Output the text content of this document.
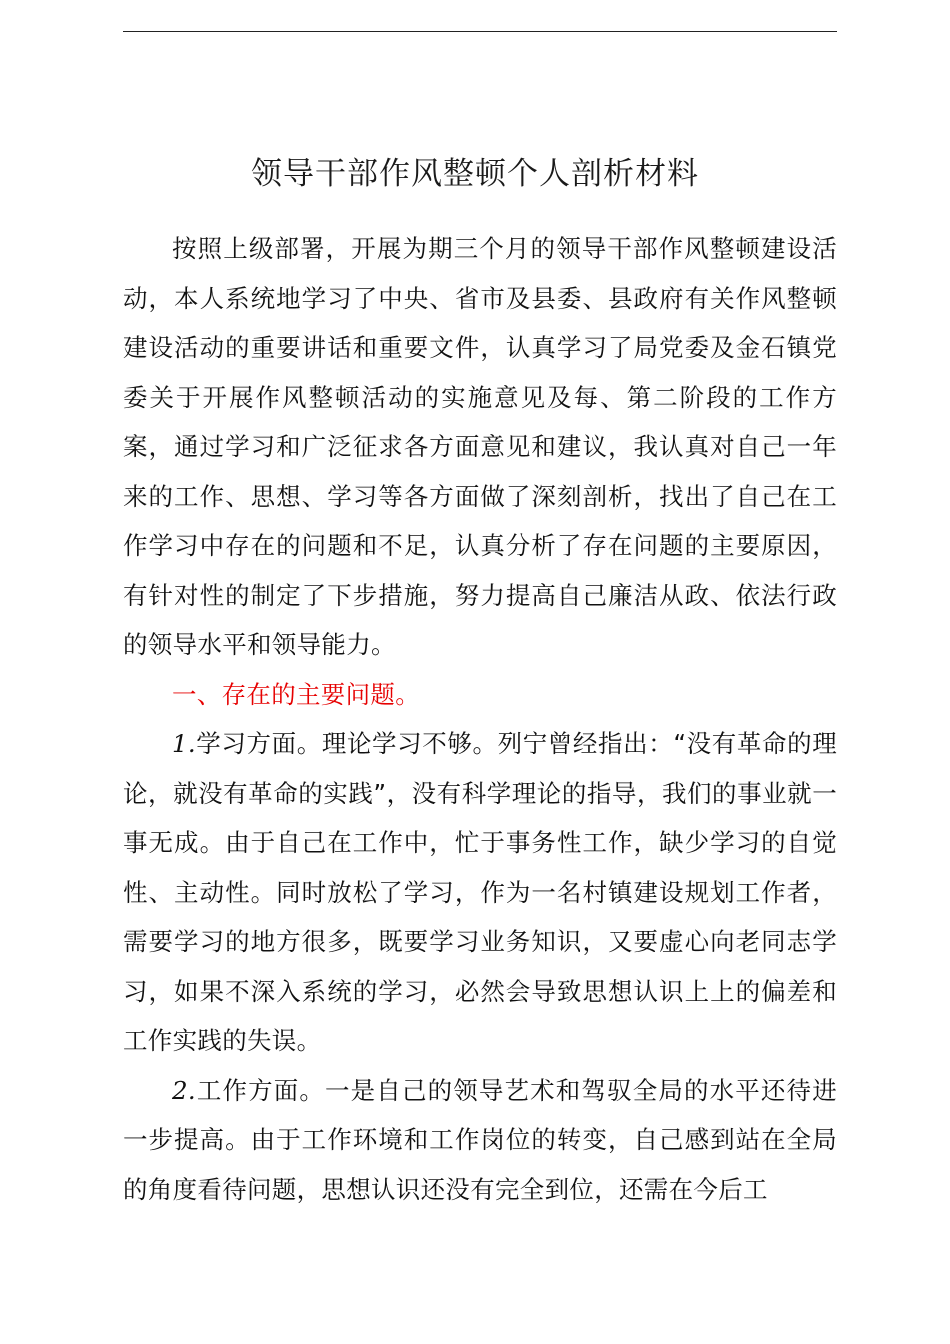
领导干部作风整顿个人剖析材料

按照上级部署，开展为期三个月的领导干部作风整顿建设活动，本人系统地学习了中央、省市及县委、县政府有关作风整顿建设活动的重要讲话和重要文件，认真学习了局党委及金石镇党委关于开展作风整顿活动的实施意见及每、第二阶段的工作方案，通过学习和广泛征求各方面意见和建议，我认真对自己一年来的工作、思想、学习等各方面做了深刻剖析，找出了自己在工作学习中存在的问题和不足，认真分析了存在问题的主要原因，有针对性的制定了下步措施，努力提高自己廉洁从政、依法行政的领导水平和领导能力。

一、存在的主要问题。

1.学习方面。理论学习不够。列宁曾经指出：“没有革命的理论，就没有革命的实践”，没有科学理论的指导，我们的事业就一事无成。由于自己在工作中，忙于事务性工作，缺少学习的自觉性、主动性。同时放松了学习，作为一名村镇建设规划工作者，需要学习的地方很多，既要学习业务知识，又要虚心向老同志学习，如果不深入系统的学习，必然会导致思想认识上上的偏差和工作实践的失误。

2.工作方面。一是自己的领导艺术和驾驭全局的水平还待进一步提高。由于工作环境和工作岗位的转变，自己感到站在全局的角度看待问题，思想认识还没有完全到位，还需在今后工
